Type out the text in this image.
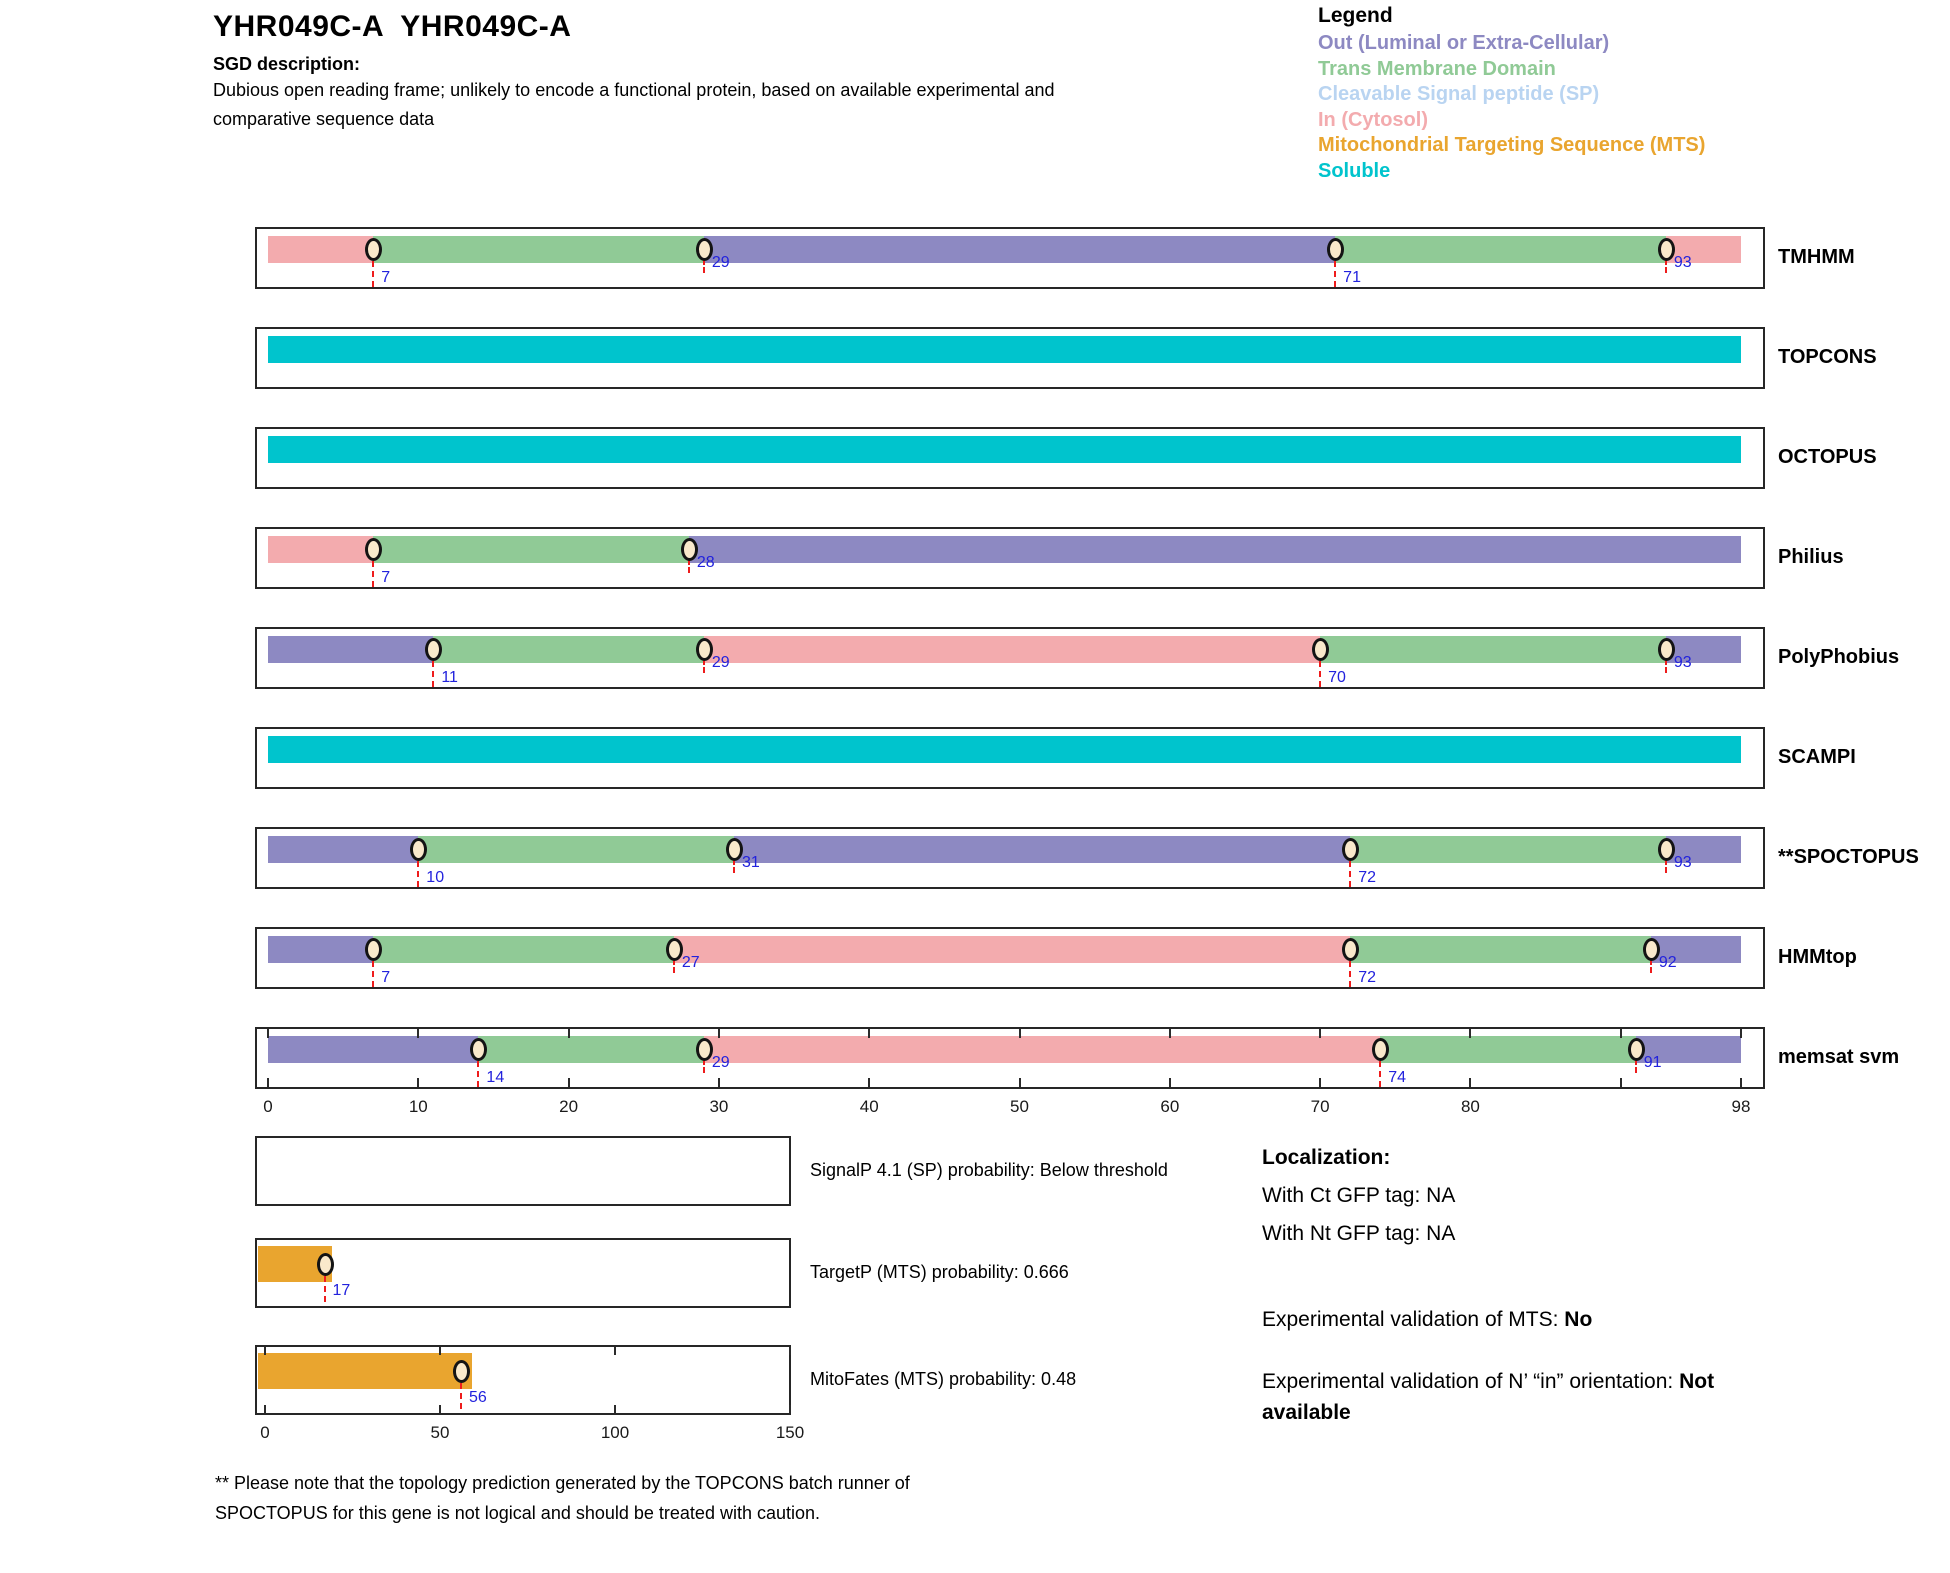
YHR049C-A  YHR049C-A
SGD description:
Dubious open reading frame; unlikely to encode a functional protein, based on available experimental and comparative sequence data
Legend
Localization:
With Ct GFP tag: NA
With Nt GFP tag: NA
Experimental validation of MTS: No
Experimental validation of N’ “in” orientation: Not available
** Please note that the topology prediction generated by the TOPCONS batch runner of SPOCTOPUS for this gene is not logical and should be treated with caution.
Out (Luminal or Extra-Cellular)
Trans Membrane Domain
Cleavable Signal peptide (SP)
In (Cytosol)
Mitochondrial Targeting Sequence (MTS)
Soluble
7
29
71
93	TMHMM
TOPCONS
OCTOPUS
7
28	Philius
11
29
70
93	PolyPhobius
SCAMPI
10
31
72
93	**SPOCTOPUS
7
27
72
92	HMMtop
14
29
74
91	memsat svm
0	10	20	30	40	50	60	70	80	98
SignalP 4.1 (SP) probability: Below threshold
17
TargetP (MTS) probability: 0.666
56
MitoFates (MTS) probability: 0.48
0	50	100	150
